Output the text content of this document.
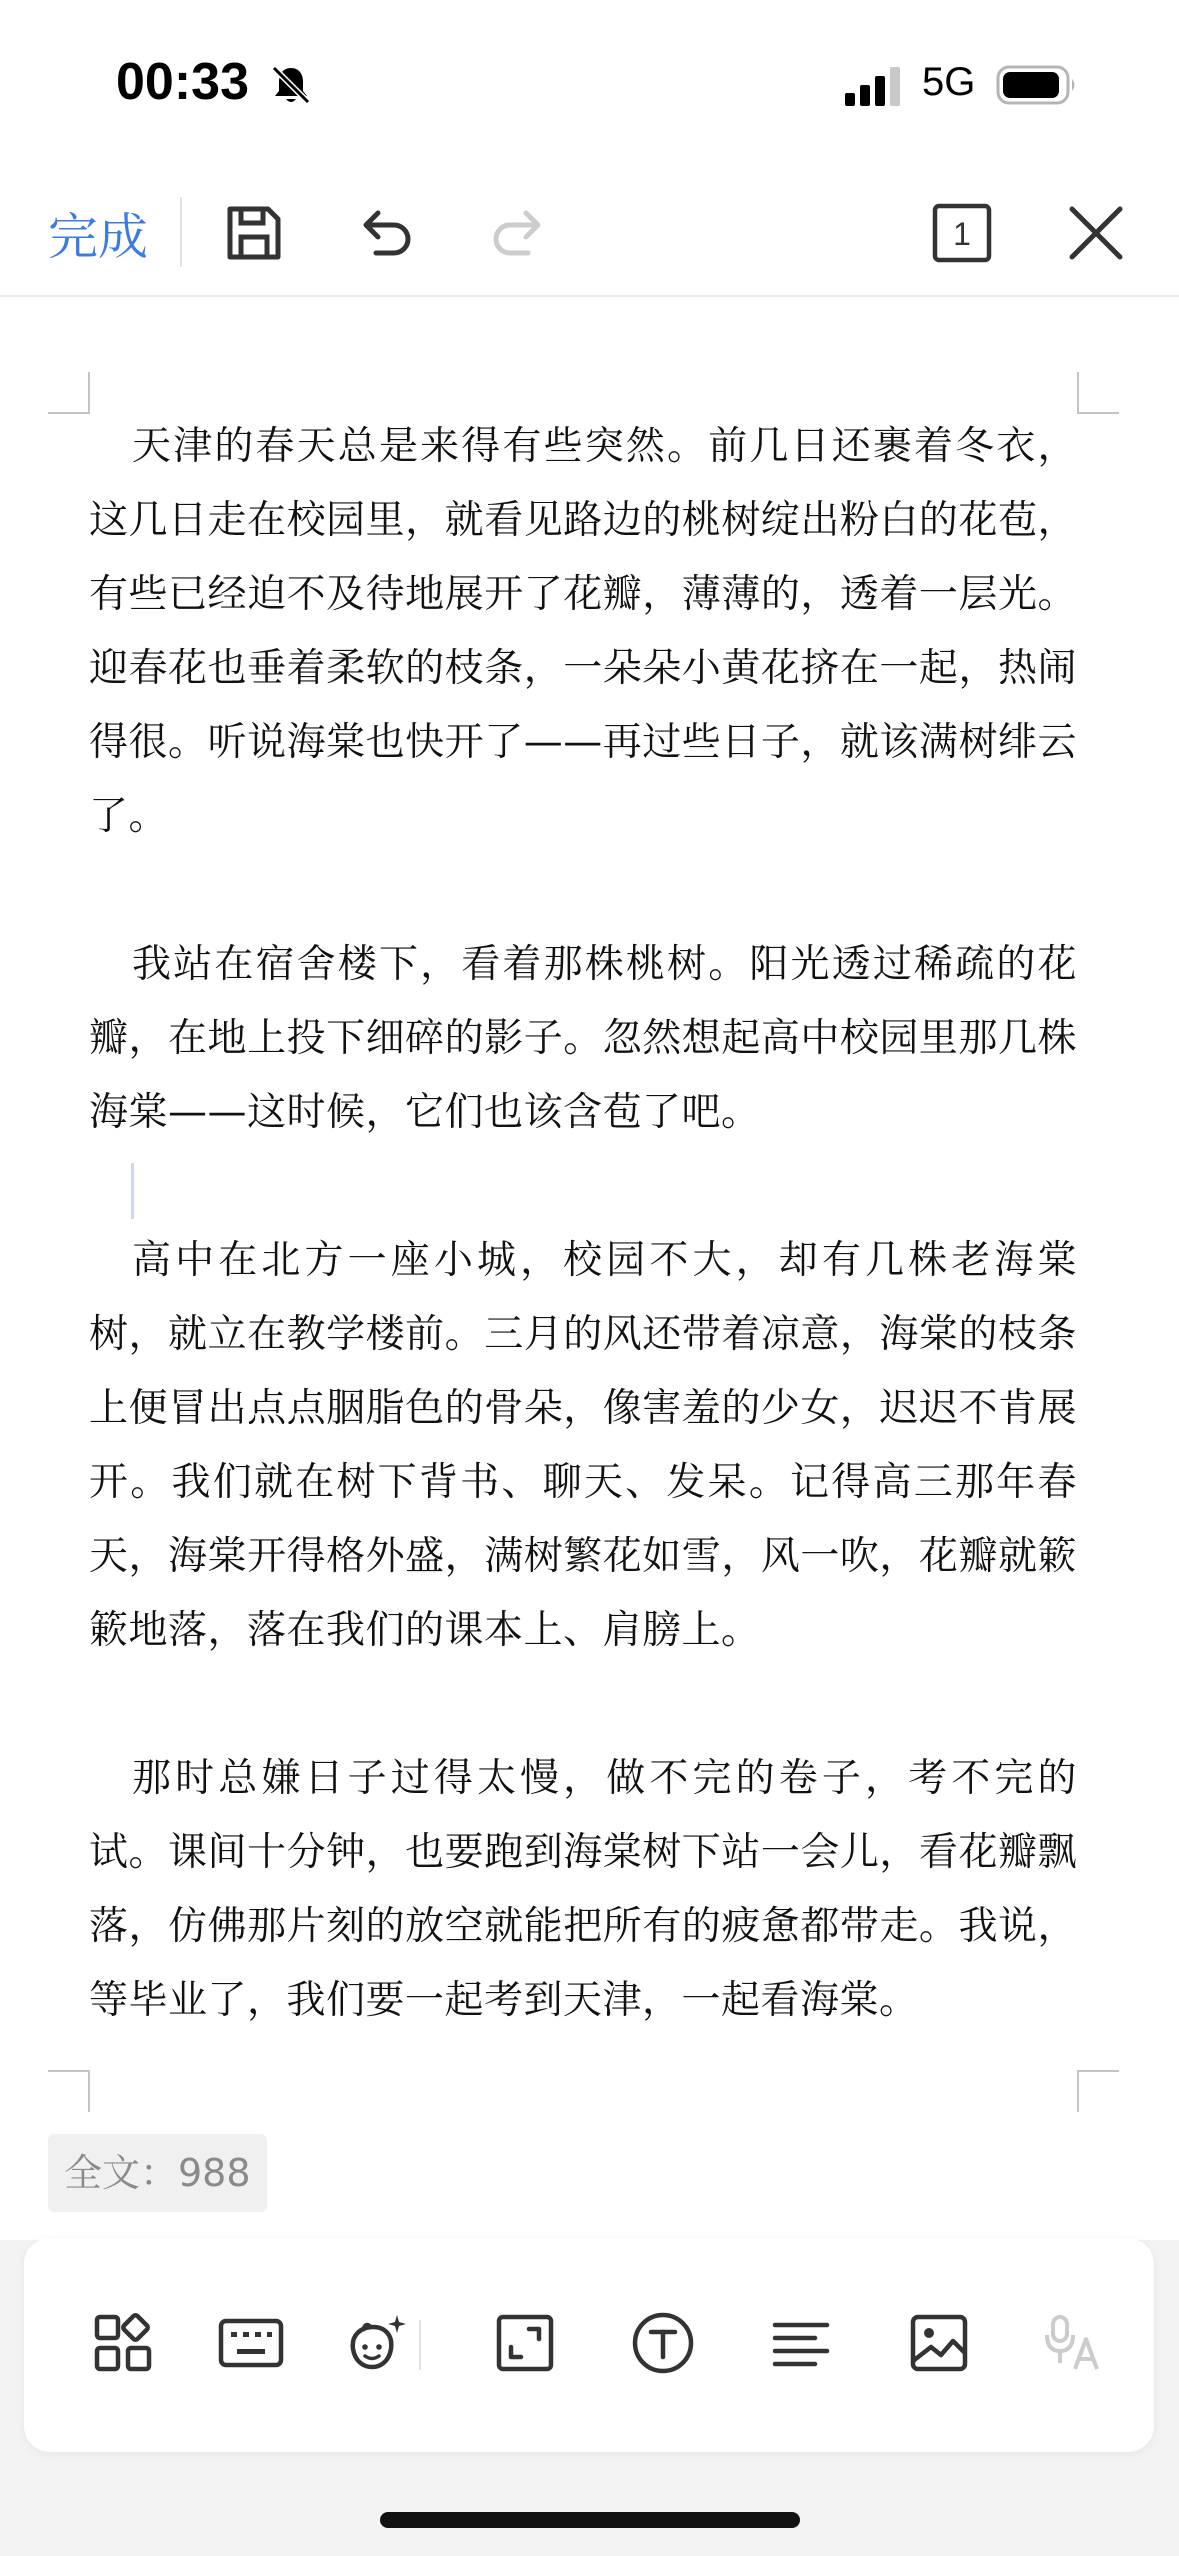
00:33	5G
完成	1

天津的春天总是来得有些突然。前几日还裹着冬衣，这几日走在校园里，就看见路边的桃树绽出粉白的花苞，有些已经迫不及待地展开了花瓣，薄薄的，透着一层光。迎春花也垂着柔软的枝条，一朵朵小黄花挤在一起，热闹得很。听说海棠也快开了——再过些日子，就该满树绯云了。

我站在宿舍楼下，看着那株桃树。阳光透过稀疏的花瓣，在地上投下细碎的影子。忽然想起高中校园里那几株海棠——这时候，它们也该含苞了吧。

高中在北方一座小城，校园不大，却有几株老海棠树，就立在教学楼前。三月的风还带着凉意，海棠的枝条上便冒出点点胭脂色的骨朵，像害羞的少女，迟迟不肯展开。我们就在树下背书、聊天、发呆。记得高三那年春天，海棠开得格外盛，满树繁花如雪，风一吹，花瓣就簌簌地落，落在我们的课本上、肩膀上。

那时总嫌日子过得太慢，做不完的卷子，考不完的试。课间十分钟，也要跑到海棠树下站一会儿，看花瓣飘落，仿佛那片刻的放空就能把所有的疲惫都带走。我说，等毕业了，我们要一起考到天津，一起看海棠。

全文：988
